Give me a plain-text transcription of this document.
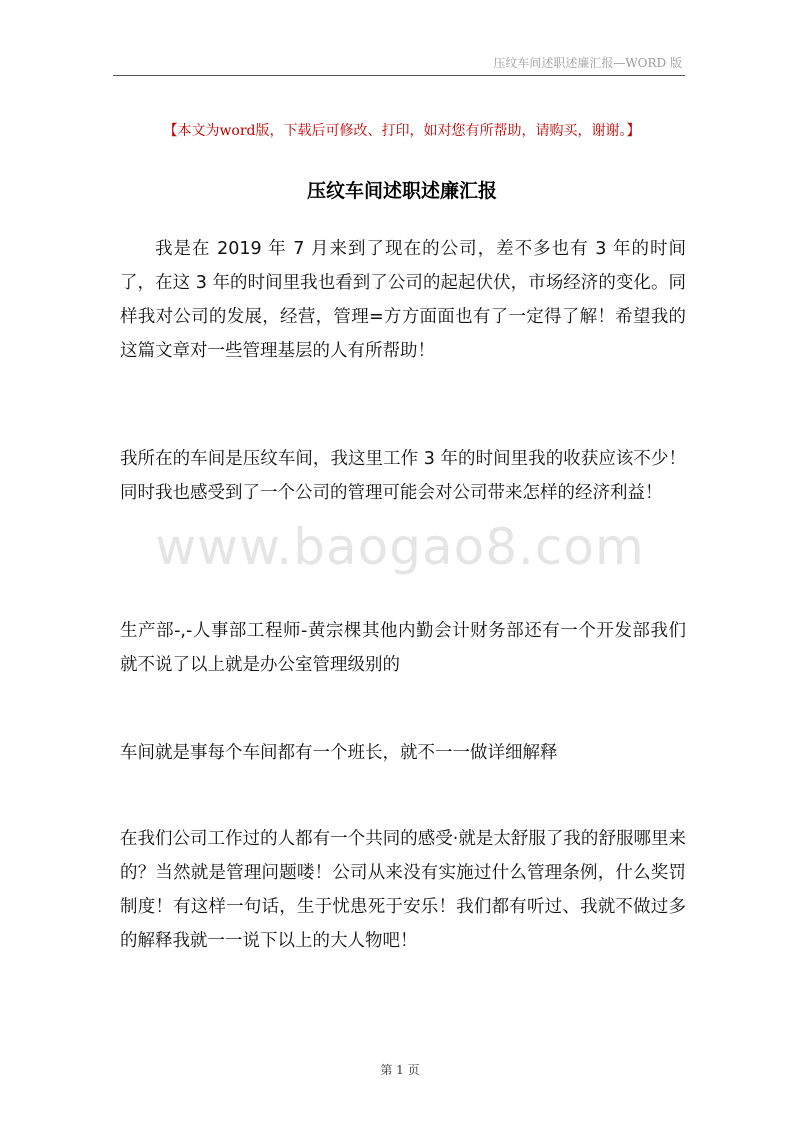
压纹车间述职述廉汇报—WORD 版
【本文为word版，下载后可修改、打印，如对您有所帮助，请购买，谢谢。】
压纹车间述职述廉汇报

我是在 2019 年 7 月来到了现在的公司，差不多也有 3 年的时间了，在这 3 年的时间里我也看到了公司的起起伏伏，市场经济的变化。同样我对公司的发展，经营，管理=方方面面也有了一定得了解！希望我的这篇文章对一些管理基层的人有所帮助！

我所在的车间是压纹车间，我这里工作 3 年的时间里我的收获应该不少！同时我也感受到了一个公司的管理可能会对公司带来怎样的经济利益！

生产部-,-人事部工程师-黄宗棵其他内勤会计财务部还有一个开发部我们就不说了以上就是办公室管理级别的

车间就是事每个车间都有一个班长，就不一一做详细解释

在我们公司工作过的人都有一个共同的感受·就是太舒服了我的舒服哪里来的？当然就是管理问题喽！公司从来没有实施过什么管理条例，什么奖罚制度！有这样一句话，生于忧患死于安乐！我们都有听过、我就不做过多的解释我就一一说下以上的大人物吧！

www.baogao8.com
第 1 页
